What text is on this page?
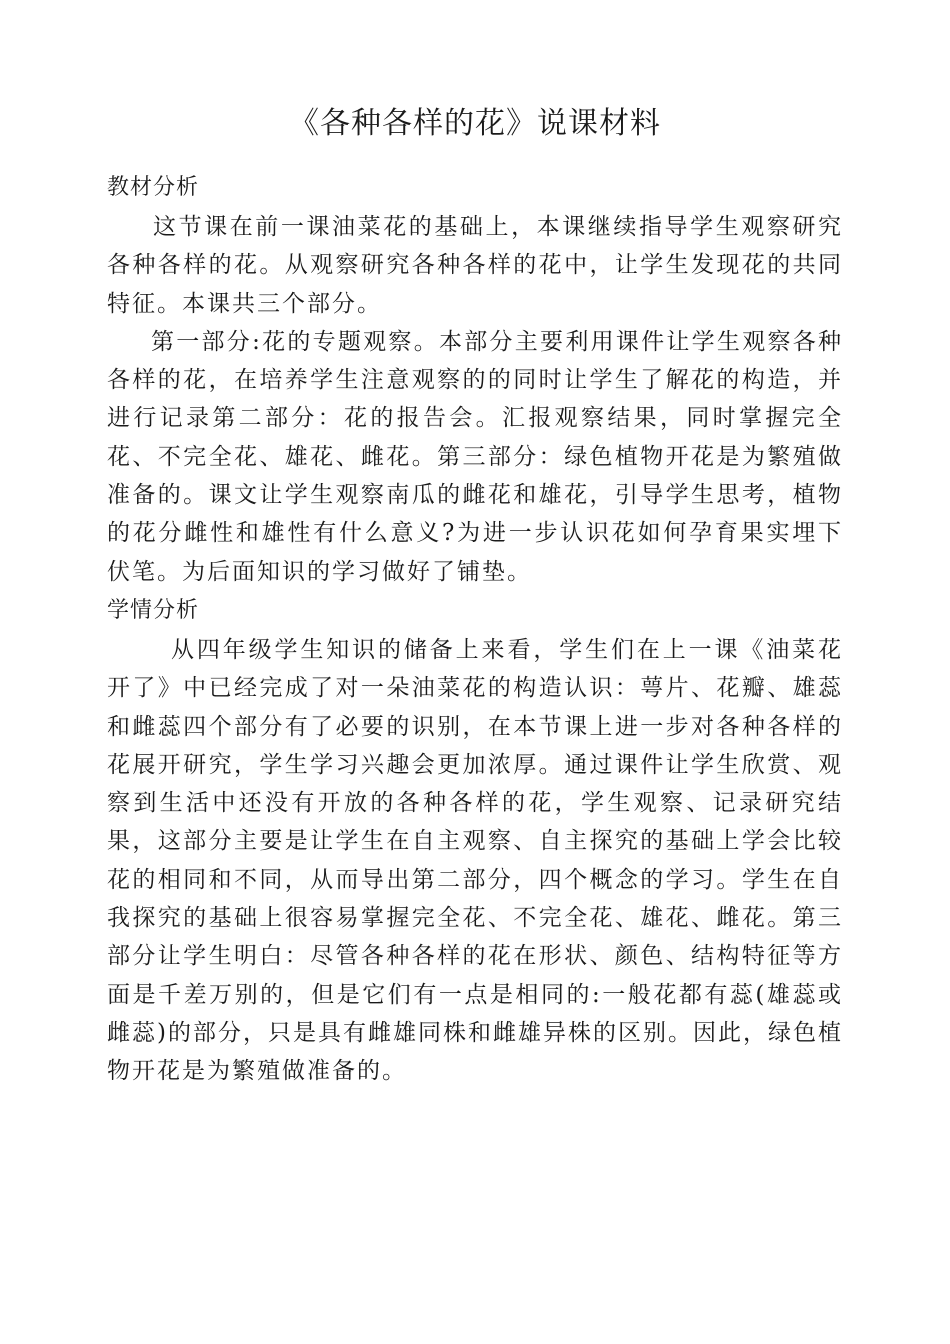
《各种各样的花》说课材料
教材分析

这节课在前一课油菜花的基础上，本课继续指导学生观察研究各种各样的花。从观察研究各种各样的花中，让学生发现花的共同特征。本课共三个部分。

第一部分:花的专题观察。本部分主要利用课件让学生观察各种各样的花，在培养学生注意观察的的同时让学生了解花的构造，并进行记录第二部分：花的报告会。汇报观察结果，同时掌握完全花、不完全花、雄花、雌花。第三部分：绿色植物开花是为繁殖做准备的。课文让学生观察南瓜的雌花和雄花，引导学生思考，植物的花分雌性和雄性有什么意义?为进一步认识花如何孕育果实埋下伏笔。为后面知识的学习做好了铺垫。

学情分析

从四年级学生知识的储备上来看，学生们在上一课《油菜花开了》中已经完成了对一朵油菜花的构造认识：萼片、花瓣、雄蕊和雌蕊四个部分有了必要的识别，在本节课上进一步对各种各样的花展开研究，学生学习兴趣会更加浓厚。通过课件让学生欣赏、观察到生活中还没有开放的各种各样的花，学生观察、记录研究结果，这部分主要是让学生在自主观察、自主探究的基础上学会比较花的相同和不同，从而导出第二部分，四个概念的学习。学生在自我探究的基础上很容易掌握完全花、不完全花、雄花、雌花。第三部分让学生明白：尽管各种各样的花在形状、颜色、结构特征等方面是千差万别的，但是它们有一点是相同的:一般花都有蕊(雄蕊或雌蕊)的部分，只是具有雌雄同株和雌雄异株的区别。因此，绿色植物开花是为繁殖做准备的。
